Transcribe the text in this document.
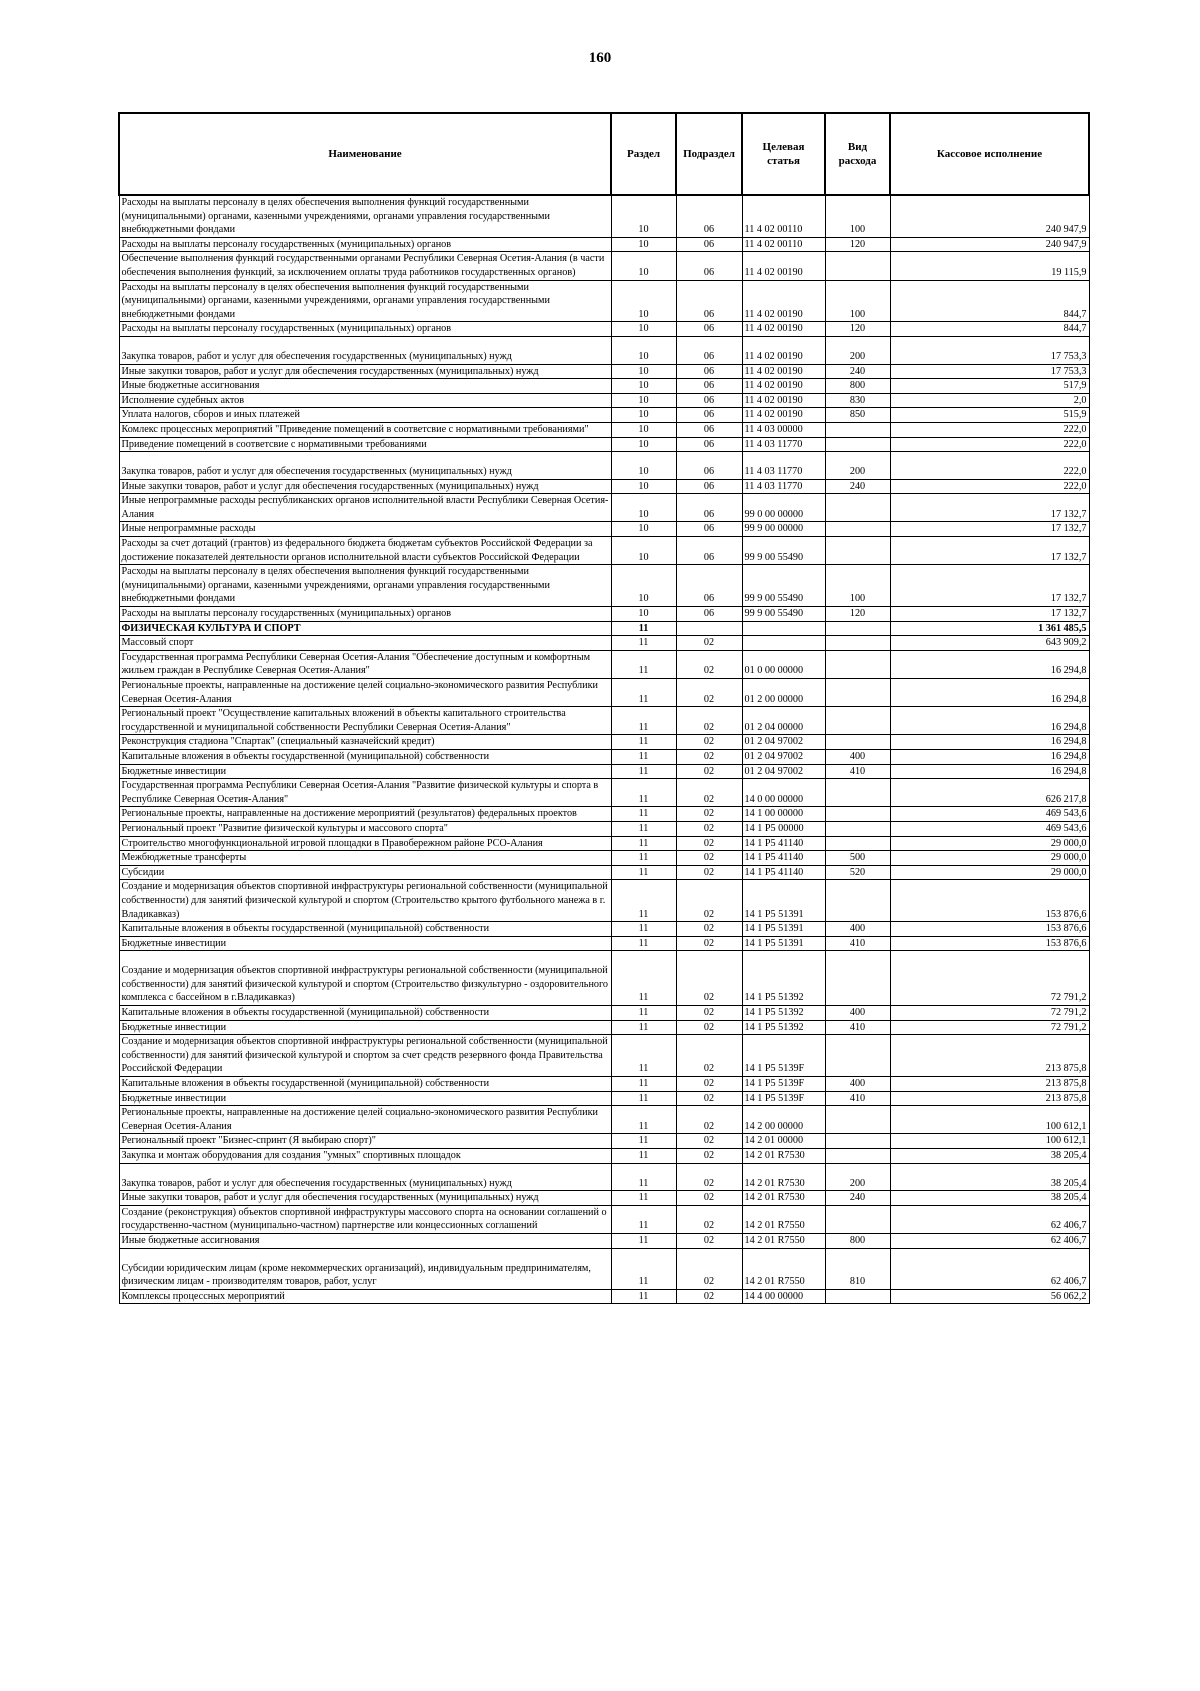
160
Наименование	Раздел	Подраздел	Целевая статья	Вид расхода	Кассовое исполнение
Расходы на выплаты персоналу в целях обеспечения выполнения функций государственными (муниципальными) органами, казенными учреждениями, органами управления государственными внебюджетными фондами	10	06	11 4 02 00110	100	240 947,9
Расходы на выплаты персоналу государственных (муниципальных) органов	10	06	11 4 02 00110	120	240 947,9
Обеспечение выполнения функций государственными органами Республики Северная Осетия-Алания (в части обеспечения выполнения функций, за исключением оплаты труда работников государственных органов)	10	06	11 4 02 00190		19 115,9
Расходы на выплаты персоналу в целях обеспечения выполнения функций государственными (муниципальными) органами, казенными учреждениями, органами управления государственными внебюджетными фондами	10	06	11 4 02 00190	100	844,7
Расходы на выплаты персоналу государственных (муниципальных) органов	10	06	11 4 02 00190	120	844,7
Закупка товаров, работ и услуг для обеспечения государственных (муниципальных) нужд	10	06	11 4 02 00190	200	17 753,3
Иные закупки товаров, работ и услуг для обеспечения государственных (муниципальных) нужд	10	06	11 4 02 00190	240	17 753,3
Иные бюджетные ассигнования	10	06	11 4 02 00190	800	517,9
Исполнение судебных актов	10	06	11 4 02 00190	830	2,0
Уплата налогов, сборов и иных платежей	10	06	11 4 02 00190	850	515,9
Комлекс процессных мероприятий "Приведение помещений в соответсвие с нормативными требованиями"	10	06	11 4 03 00000		222,0
Приведение помещений в соответсвие с нормативными требованиями	10	06	11 4 03 11770		222,0
Закупка товаров, работ и услуг для обеспечения государственных (муниципальных) нужд	10	06	11 4 03 11770	200	222,0
Иные закупки товаров, работ и услуг для обеспечения государственных (муниципальных) нужд	10	06	11 4 03 11770	240	222,0
Иные непрограммные расходы республиканских органов исполнительной власти Республики Северная Осетия-Алания	10	06	99 0 00 00000		17 132,7
Иные непрограммные расходы	10	06	99 9 00 00000		17 132,7
Расходы за счет дотаций (грантов) из федерального бюджета бюджетам субъектов Российской Федерации за достижение показателей деятельности органов исполнительной власти субъектов Российской Федерации	10	06	99 9 00 55490		17 132,7
Расходы на выплаты персоналу в целях обеспечения выполнения функций государственными (муниципальными) органами, казенными учреждениями, органами управления государственными внебюджетными фондами	10	06	99 9 00 55490	100	17 132,7
Расходы на выплаты персоналу государственных (муниципальных) органов	10	06	99 9 00 55490	120	17 132,7
ФИЗИЧЕСКАЯ КУЛЬТУРА И СПОРТ	11				1 361 485,5
Массовый спорт	11	02			643 909,2
Государственная программа Республики Северная Осетия-Алания "Обеспечение доступным и комфортным жильем граждан в Республике Северная Осетия-Алания"	11	02	01 0 00 00000		16 294,8
Региональные проекты, направленные на достижение целей социально-экономического развития Республики Северная Осетия-Алания	11	02	01 2 00 00000		16 294,8
Региональный проект "Осуществление капитальных вложений в объекты капитального строительства государственной и муниципальной собственности Республики Северная Осетия-Алания"	11	02	01 2 04 00000		16 294,8
Реконструкция стадиона "Спартак" (специальный казначейский кредит)	11	02	01 2 04 97002		16 294,8
Капитальные вложения в объекты государственной (муниципальной) собственности	11	02	01 2 04 97002	400	16 294,8
Бюджетные инвестиции	11	02	01 2 04 97002	410	16 294,8
Государственная программа Республики Северная Осетия-Алания "Развитие физической культуры и спорта в Республике Северная Осетия-Алания"	11	02	14 0 00 00000		626 217,8
Региональные проекты, направленные на достижение мероприятий (результатов) федеральных проектов	11	02	14 1 00 00000		469 543,6
Региональный проект "Развитие физической культуры и массового спорта"	11	02	14 1 P5 00000		469 543,6
Строительство многофункциональной игровой площадки в Правобережном районе РСО-Алания	11	02	14 1 P5 41140		29 000,0
Межбюджетные трансферты	11	02	14 1 P5 41140	500	29 000,0
Субсидии	11	02	14 1 P5 41140	520	29 000,0
Создание и модернизация объектов спортивной инфраструктуры региональной собственности (муниципальной собственности) для занятий физической культурой и спортом (Строительство крытого футбольного манежа в г. Владикавказ)	11	02	14 1 P5 51391		153 876,6
Капитальные вложения в объекты государственной (муниципальной) собственности	11	02	14 1 P5 51391	400	153 876,6
Бюджетные инвестиции	11	02	14 1 P5 51391	410	153 876,6
Создание и модернизация объектов спортивной инфраструктуры региональной собственности (муниципальной собственности) для занятий физической культурой и спортом (Строительство физкультурно - оздоровительного комплекса с бассейном в г.Владикавказ)	11	02	14 1 P5 51392		72 791,2
Капитальные вложения в объекты государственной (муниципальной) собственности	11	02	14 1 P5 51392	400	72 791,2
Бюджетные инвестиции	11	02	14 1 P5 51392	410	72 791,2
Создание и модернизация объектов спортивной инфраструктуры региональной собственности (муниципальной собственности) для занятий физической культурой и спортом за счет средств резервного фонда Правительства Российской Федерации	11	02	14 1 P5 5139F		213 875,8
Капитальные вложения в объекты государственной (муниципальной) собственности	11	02	14 1 P5 5139F	400	213 875,8
Бюджетные инвестиции	11	02	14 1 P5 5139F	410	213 875,8
Региональные проекты, направленные на достижение целей социально-экономического развития Республики Северная Осетия-Алания	11	02	14 2 00 00000		100 612,1
Региональный проект "Бизнес-спринт (Я выбираю спорт)"	11	02	14 2 01 00000		100 612,1
Закупка и монтаж оборудования для создания "умных" спортивных площадок	11	02	14 2 01 R7530		38 205,4
Закупка товаров, работ и услуг для обеспечения государственных (муниципальных) нужд	11	02	14 2 01 R7530	200	38 205,4
Иные закупки товаров, работ и услуг для обеспечения государственных (муниципальных) нужд	11	02	14 2 01 R7530	240	38 205,4
Создание (реконструкция) объектов спортивной инфраструктуры массового спорта на основании соглашений о государственно-частном (муниципально-частном) партнерстве или концессионных соглашений	11	02	14 2 01 R7550		62 406,7
Иные бюджетные ассигнования	11	02	14 2 01 R7550	800	62 406,7
Субсидии юридическим лицам (кроме некоммерческих организаций), индивидуальным предпринимателям, физическим лицам - производителям товаров, работ, услуг	11	02	14 2 01 R7550	810	62 406,7
Комплексы процессных мероприятий	11	02	14 4 00 00000		56 062,2
